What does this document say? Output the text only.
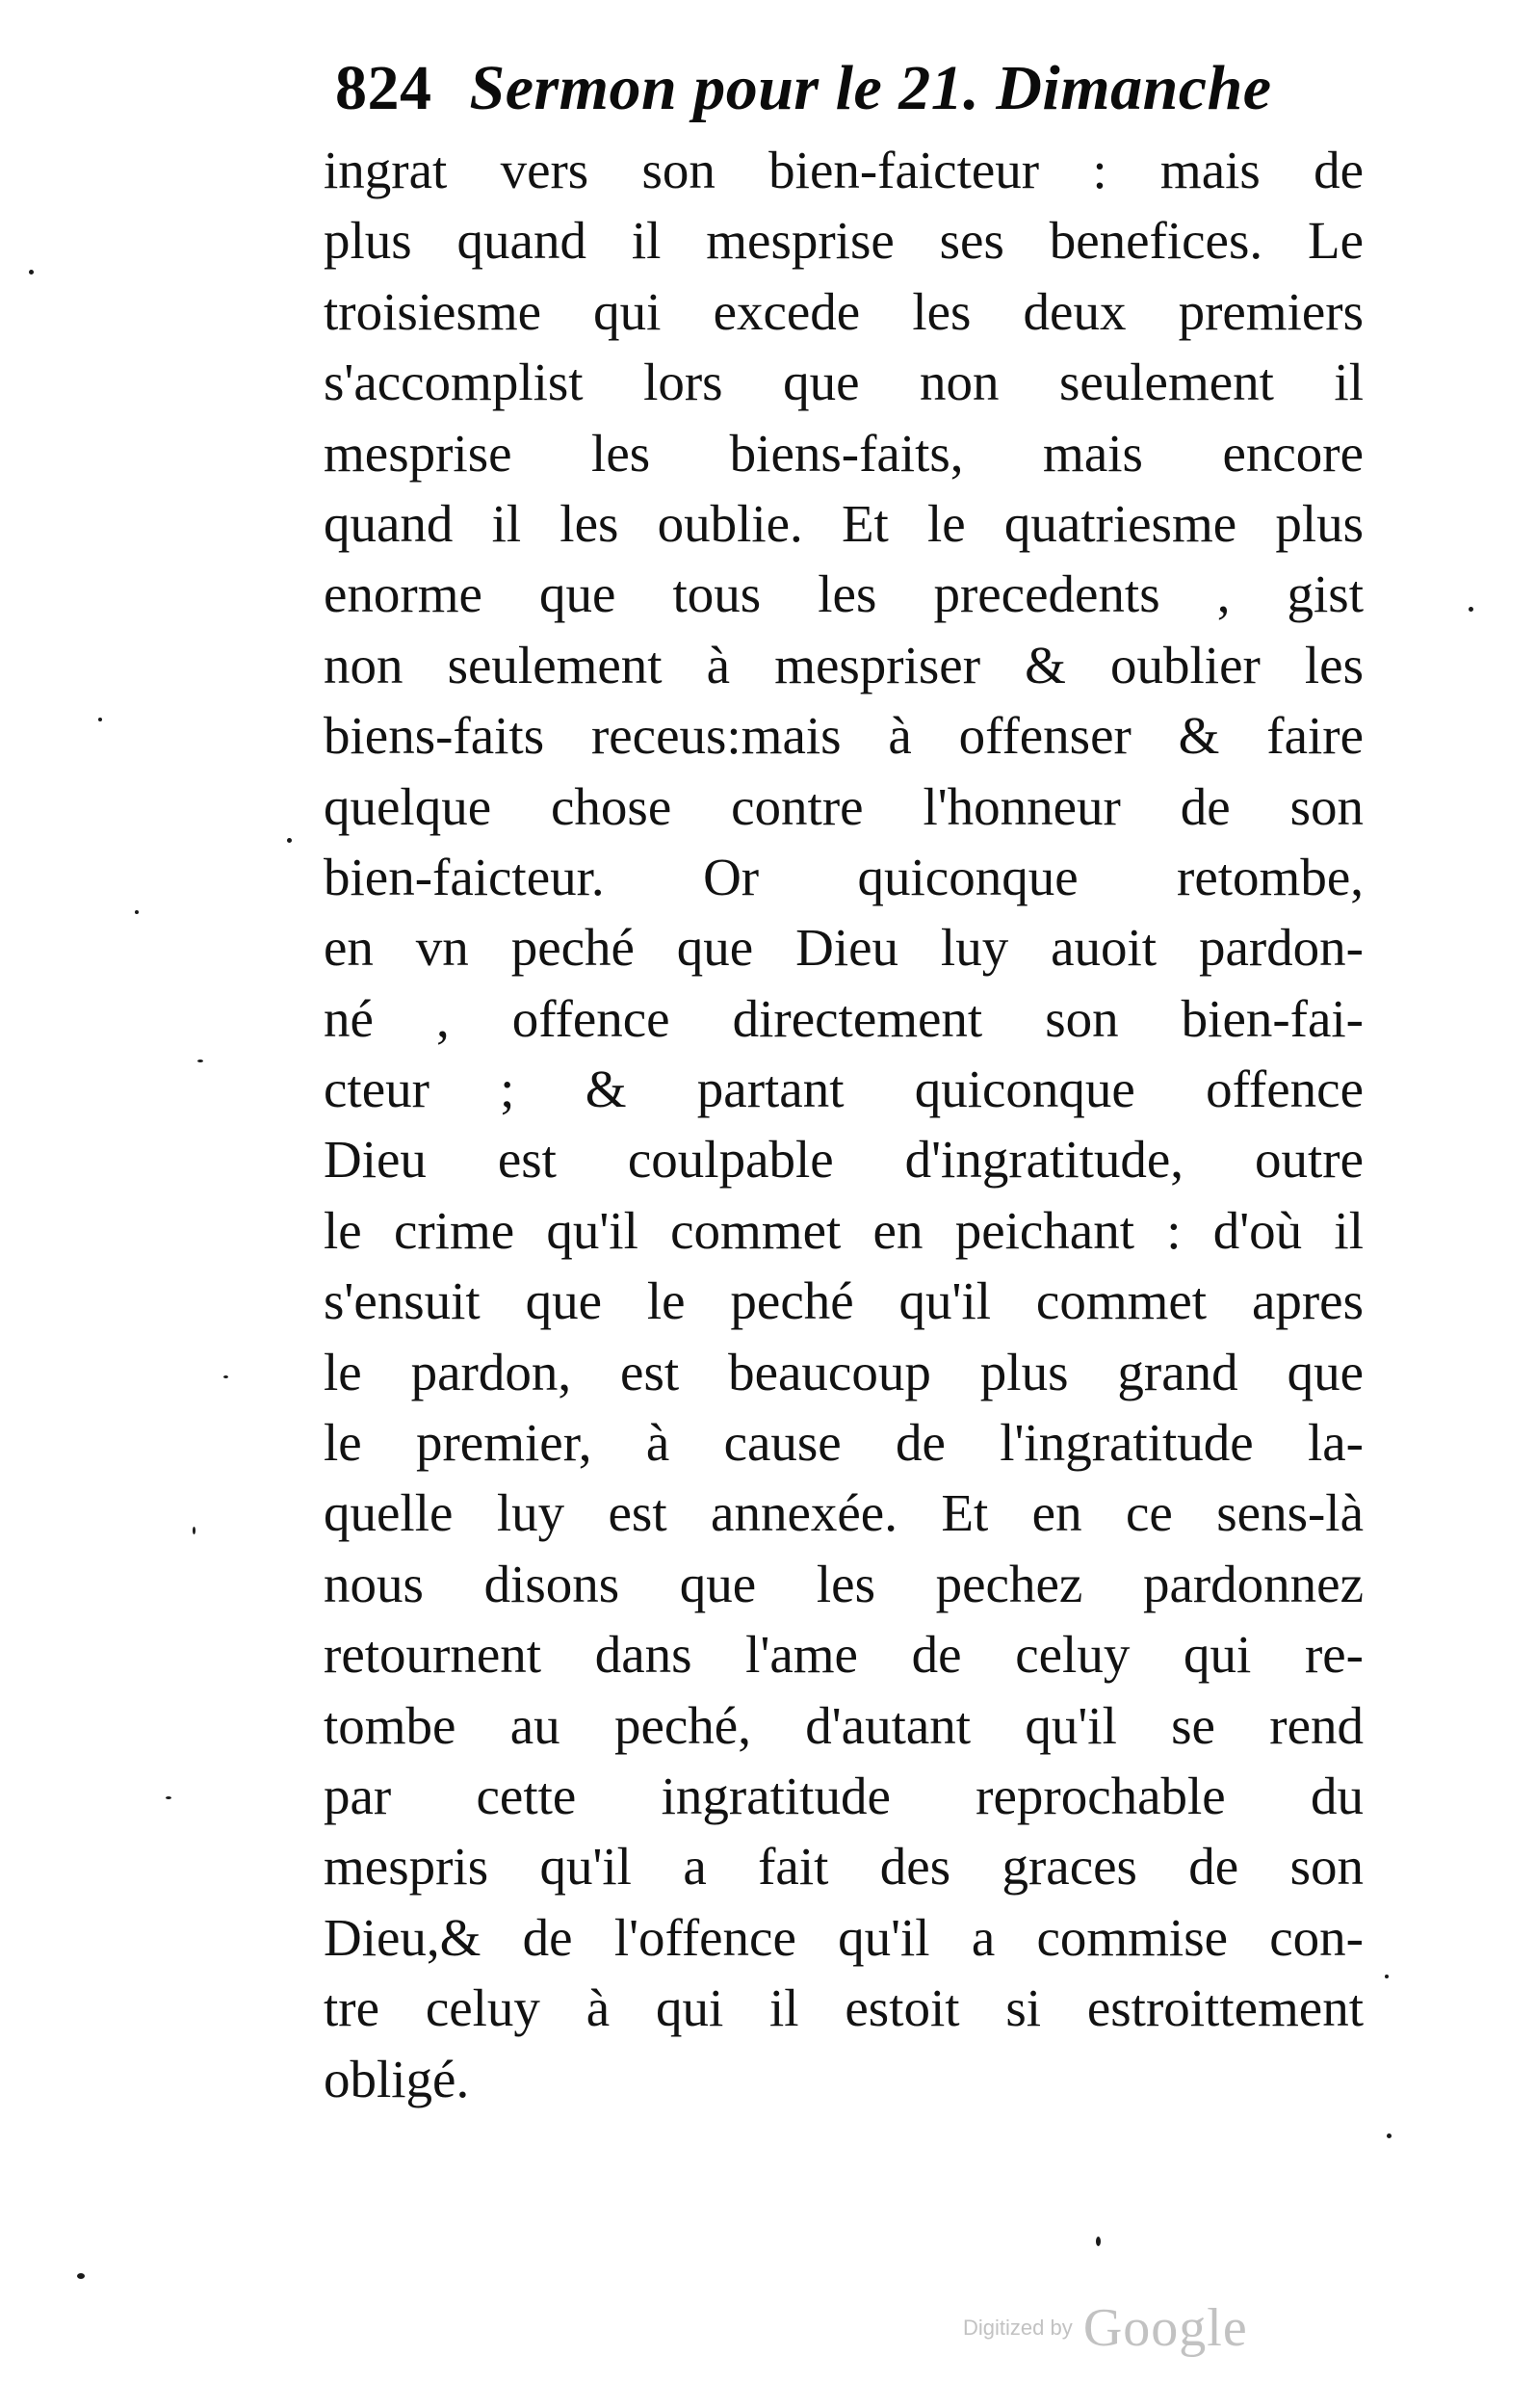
824 Sermon pour le 21. Dimanche
ingrat vers son bien-faicteur : mais de
plus quand il mesprise ses benefices. Le
troisiesme qui excede les deux premiers
s'accomplist lors que non seulement il
mesprise les biens-faits, mais encore
quand il les oublie. Et le quatriesme plus
enorme que tous les precedents , gist
non seulement à mespriser & oublier les
biens-faits receus:mais à offenser & faire
quelque chose contre l'honneur de son
bien-faicteur. Or quiconque retombe,
en vn peché que Dieu luy auoit pardon-
né , offence directement son bien-fai-
cteur ; & partant quiconque offence
Dieu est coulpable d'ingratitude, outre
le crime qu'il commet en peichant : d'où il
s'ensuit que le peché qu'il commet apres
le pardon, est beaucoup plus grand que
le premier, à cause de l'ingratitude la-
quelle luy est annexée. Et en ce sens-là
nous disons que les pechez pardonnez
retournent dans l'ame de celuy qui re-
tombe au peché, d'autant qu'il se rend
par cette ingratitude reprochable du
mespris qu'il a fait des graces de son
Dieu,& de l'offence qu'il a commise con-
tre celuy à qui il estoit si estroittement
obligé.
Digitized by Google
